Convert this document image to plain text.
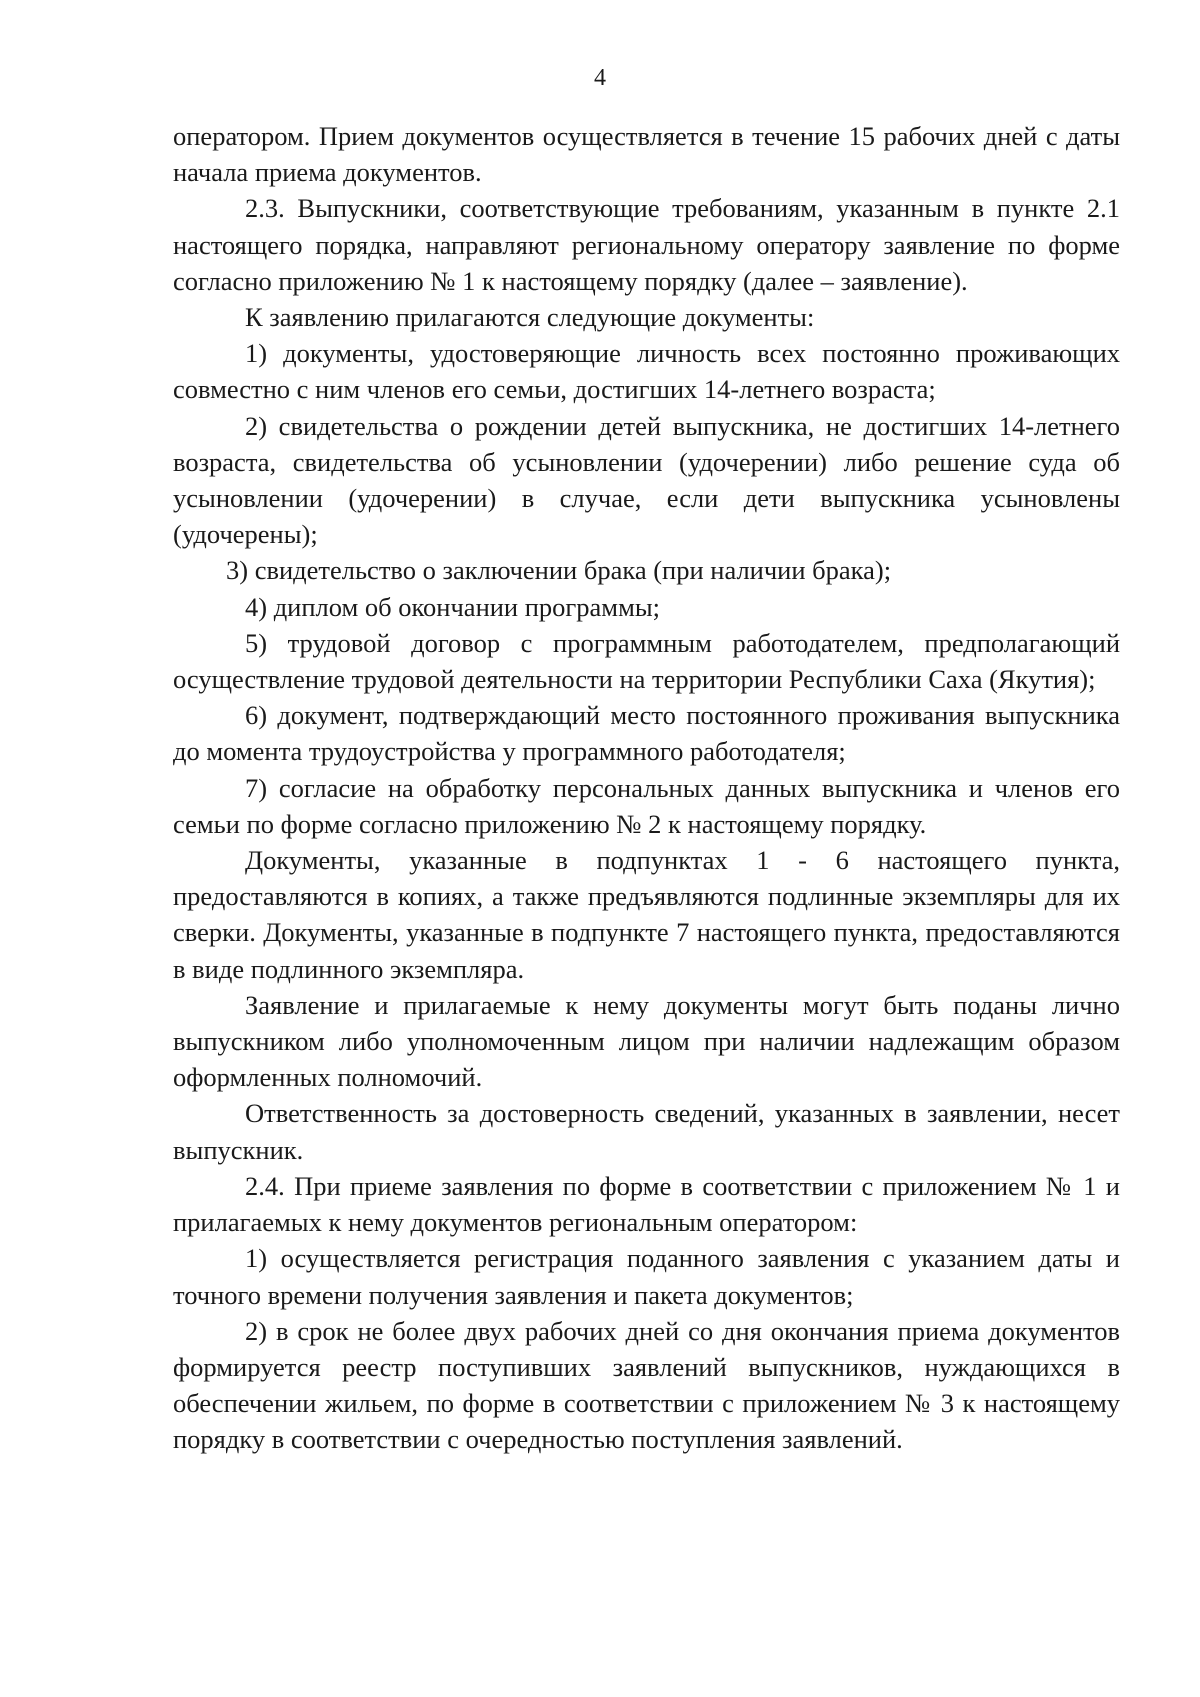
4

оператором. Прием документов осуществляется в течение 15 рабочих дней с даты начала приема документов.

2.3. Выпускники, соответствующие требованиям, указанным в пункте 2.1 настоящего порядка, направляют региональному оператору заявление по форме согласно приложению № 1 к настоящему порядку (далее – заявление).

К заявлению прилагаются следующие документы:

1) документы, удостоверяющие личность всех постоянно проживающих совместно с ним членов его семьи, достигших 14-летнего возраста;

2) свидетельства о рождении детей выпускника, не достигших 14-летнего возраста, свидетельства об усыновлении (удочерении) либо решение суда об усыновлении (удочерении) в случае, если дети выпускника усыновлены (удочерены);

3) свидетельство о заключении брака (при наличии брака);

4) диплом об окончании программы;

5) трудовой договор с программным работодателем, предполагающий осуществление трудовой деятельности на территории Республики Саха (Якутия);

6) документ, подтверждающий место постоянного проживания выпускника до момента трудоустройства у программного работодателя;

7) согласие на обработку персональных данных выпускника и членов его семьи по форме согласно приложению № 2 к настоящему порядку.

Документы, указанные в подпунктах 1 - 6 настоящего пункта, предоставляются в копиях, а также предъявляются подлинные экземпляры для их сверки. Документы, указанные в подпункте 7 настоящего пункта, предоставляются в виде подлинного экземпляра.

Заявление и прилагаемые к нему документы могут быть поданы лично выпускником либо уполномоченным лицом при наличии надлежащим образом оформленных полномочий.

Ответственность за достоверность сведений, указанных в заявлении, несет выпускник.

2.4. При приеме заявления по форме в соответствии с приложением № 1 и прилагаемых к нему документов региональным оператором:

1) осуществляется регистрация поданного заявления с указанием даты и точного времени получения заявления и пакета документов;

2) в срок не более двух рабочих дней со дня окончания приема документов формируется реестр поступивших заявлений выпускников, нуждающихся в обеспечении жильем, по форме в соответствии с приложением № 3 к настоящему порядку в соответствии с очередностью поступления заявлений.
